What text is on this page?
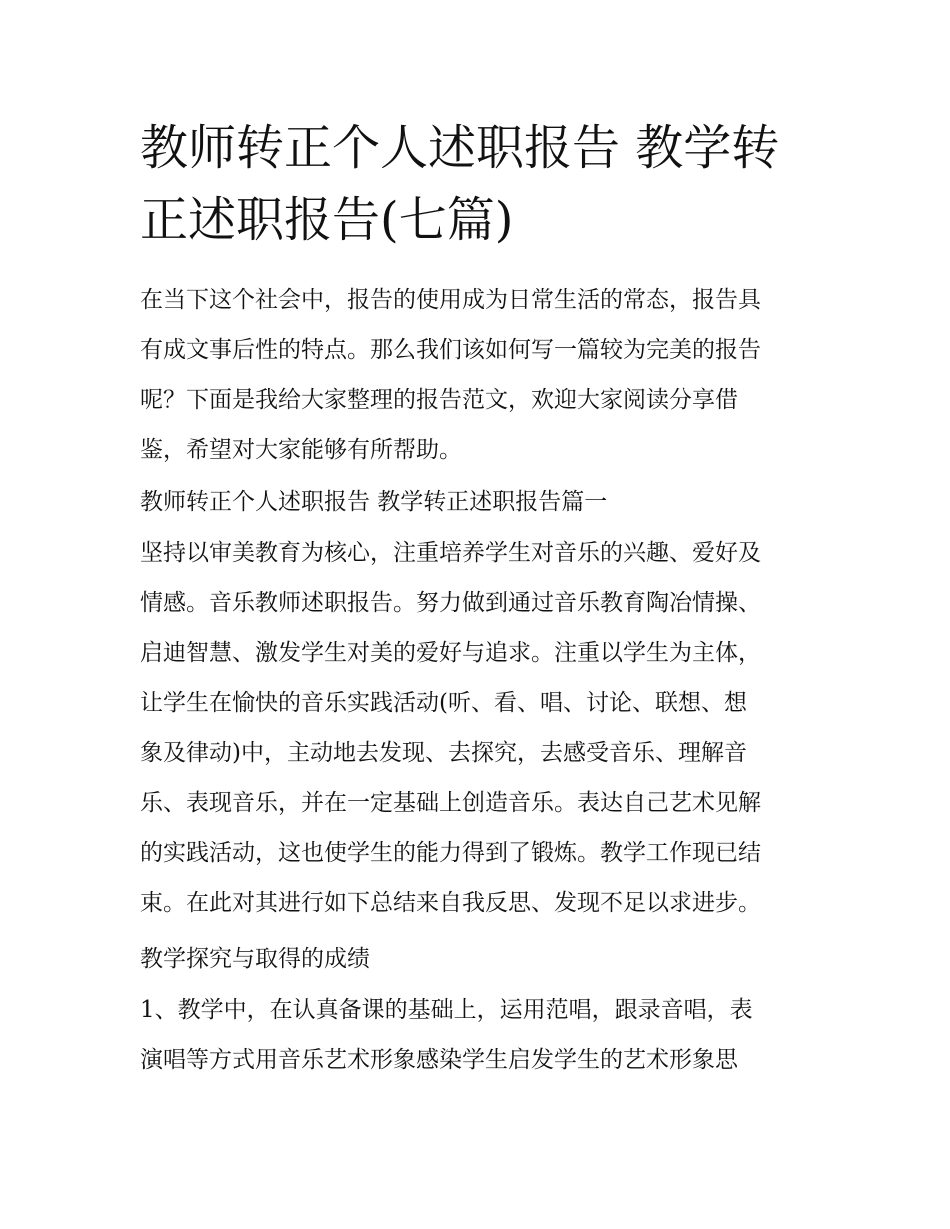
教师转正个人述职报告 教学转
正述职报告(七篇)
在当下这个社会中，报告的使用成为日常生活的常态，报告具
有成文事后性的特点。那么我们该如何写一篇较为完美的报告
呢？下面是我给大家整理的报告范文，欢迎大家阅读分享借
鉴，希望对大家能够有所帮助。
教师转正个人述职报告 教学转正述职报告篇一
坚持以审美教育为核心，注重培养学生对音乐的兴趣、爱好及
情感。音乐教师述职报告。努力做到通过音乐教育陶冶情操、
启迪智慧、激发学生对美的爱好与追求。注重以学生为主体，
让学生在愉快的音乐实践活动(听、看、唱、讨论、联想、想
象及律动)中，主动地去发现、去探究，去感受音乐、理解音
乐、表现音乐，并在一定基础上创造音乐。表达自己艺术见解
的实践活动，这也使学生的能力得到了锻炼。教学工作现已结
束。在此对其进行如下总结来自我反思、发现不足以求进步。
教学探究与取得的成绩
1、教学中，在认真备课的基础上，运用范唱，跟录音唱，表
演唱等方式用音乐艺术形象感染学生启发学生的艺术形象思
